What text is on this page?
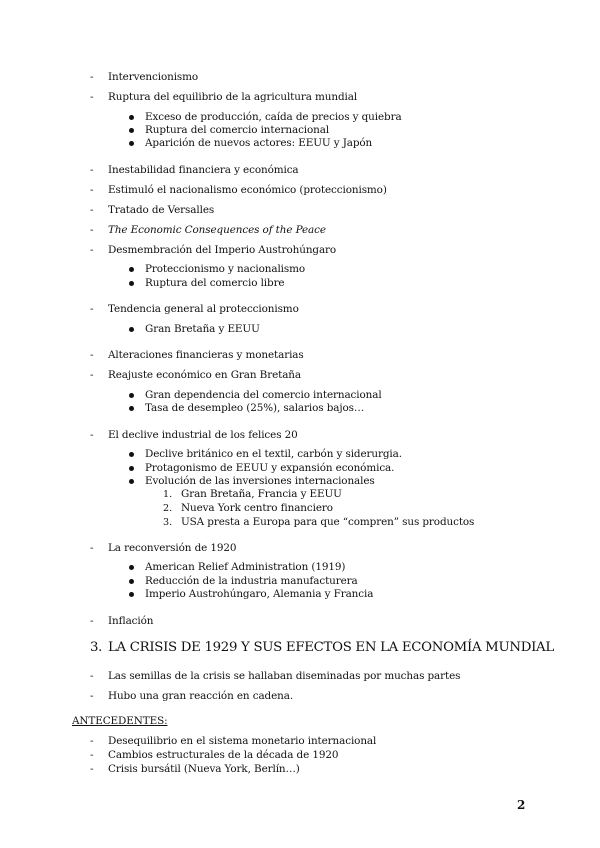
- Intervencionismo
- Ruptura del equilibrio de la agricultura mundial
Exceso de producción, caída de precios y quiebra
Ruptura del comercio internacional
Aparición de nuevos actores: EEUU y Japón
- Inestabilidad financiera y económica
- Estimuló el nacionalismo económico (proteccionismo)
- Tratado de Versalles
- The Economic Consequences of the Peace
- Desmembración del Imperio Austrohúngaro
Proteccionismo y nacionalismo
Ruptura del comercio libre
- Tendencia general al proteccionismo
Gran Bretaña y EEUU
- Alteraciones financieras y monetarias
- Reajuste económico en Gran Bretaña
Gran dependencia del comercio internacional
Tasa de desempleo (25%), salarios bajos…
- El declive industrial de los felices 20
Declive británico en el textil, carbón y siderurgia.
Protagonismo de EEUU y expansión económica.
Evolución de las inversiones internacionales
1. Gran Bretaña, Francia y EEUU
2. Nueva York centro financiero
3. USA presta a Europa para que “compren” sus productos
- La reconversión de 1920
American Relief Administration (1919)
Reducción de la industria manufacturera
Imperio Austrohúngaro, Alemania y Francia
- Inflación
3. LA CRISIS DE 1929 Y SUS EFECTOS EN LA ECONOMÍA MUNDIAL
- Las semillas de la crisis se hallaban diseminadas por muchas partes
- Hubo una gran reacción en cadena.
ANTECEDENTES:
- Desequilibrio en el sistema monetario internacional
- Cambios estructurales de la década de 1920
- Crisis bursátil (Nueva York, Berlín…)
2
